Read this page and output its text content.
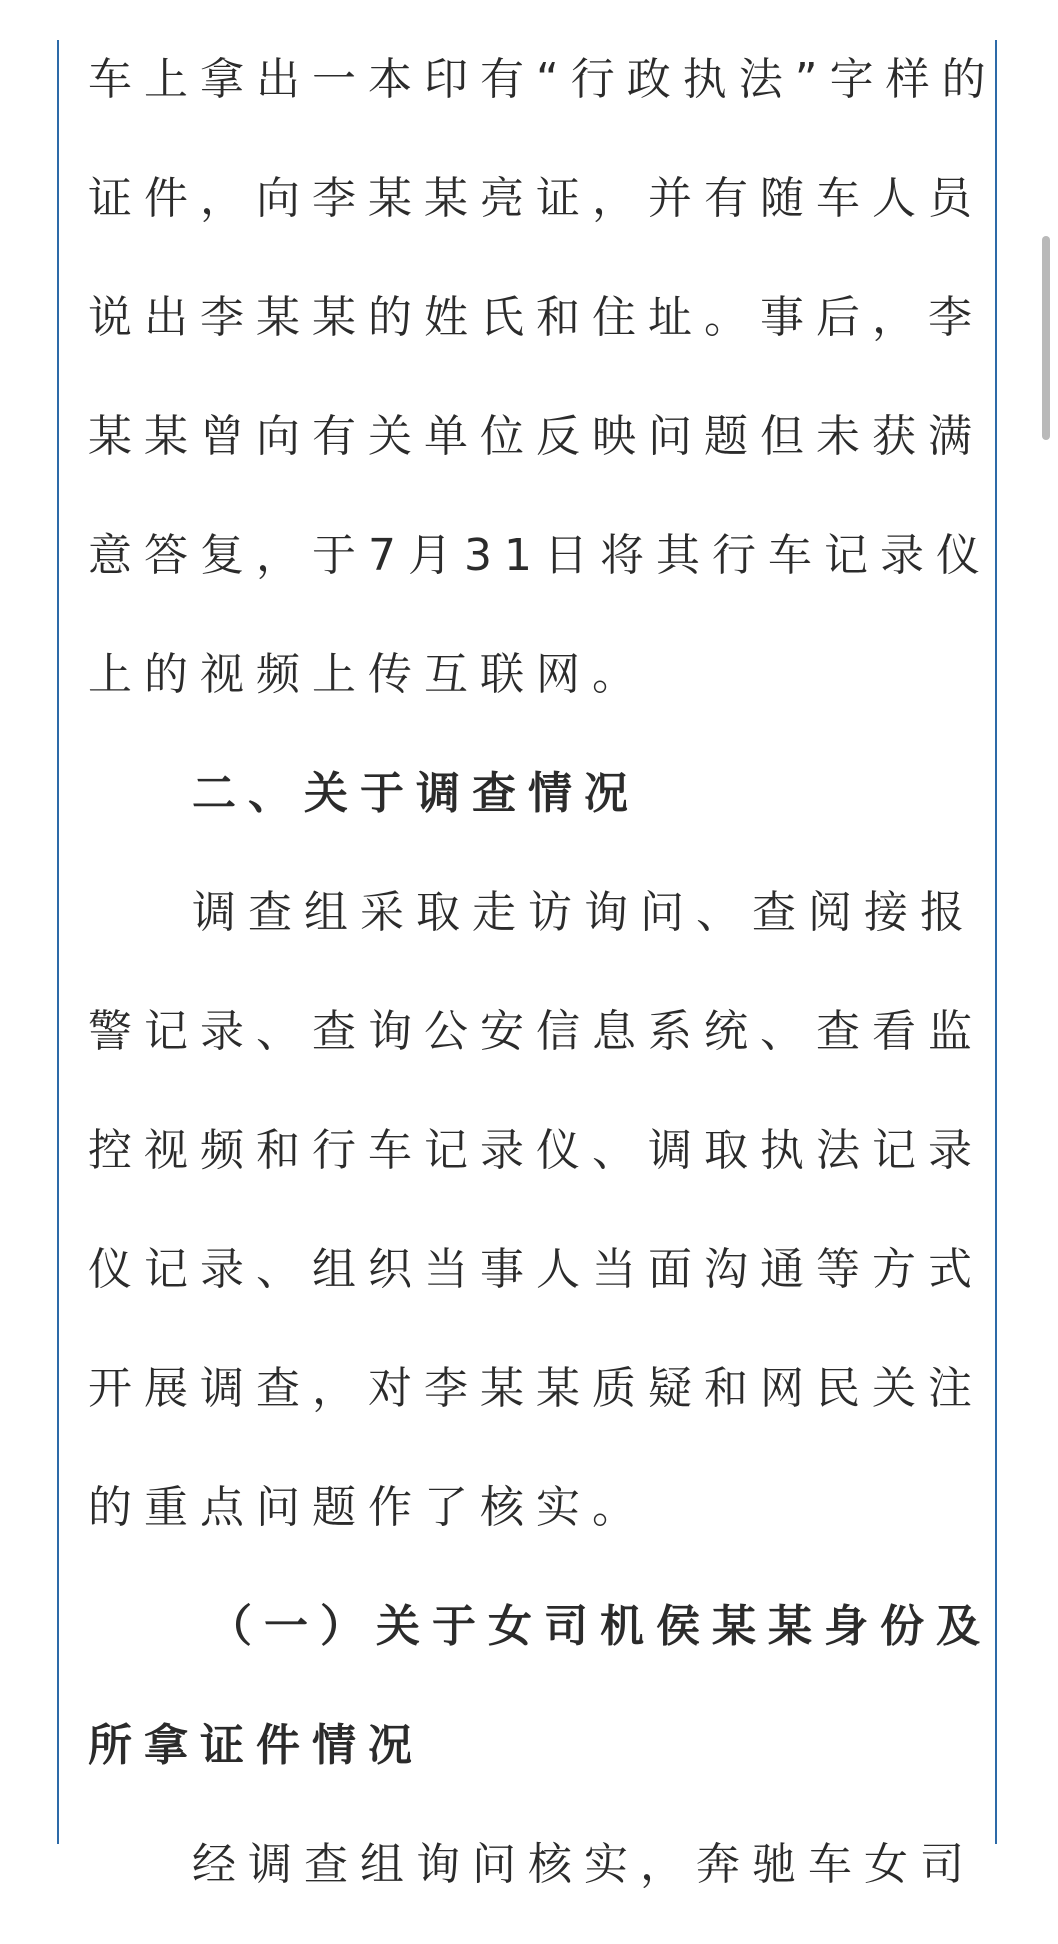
车上拿出一本印有“行政执法”字样的
证件，向李某某亮证，并有随车人员
说出李某某的姓氏和住址。事后，李
某某曾向有关单位反映问题但未获满
意答复，于7月31日将其行车记录仪
上的视频上传互联网。
二、关于调查情况
调查组采取走访询问、查阅接报
警记录、查询公安信息系统、查看监
控视频和行车记录仪、调取执法记录
仪记录、组织当事人当面沟通等方式
开展调查，对李某某质疑和网民关注
的重点问题作了核实。
（一）关于女司机侯某某身份及
所拿证件情况
经调查组询问核实，奔驰车女司
